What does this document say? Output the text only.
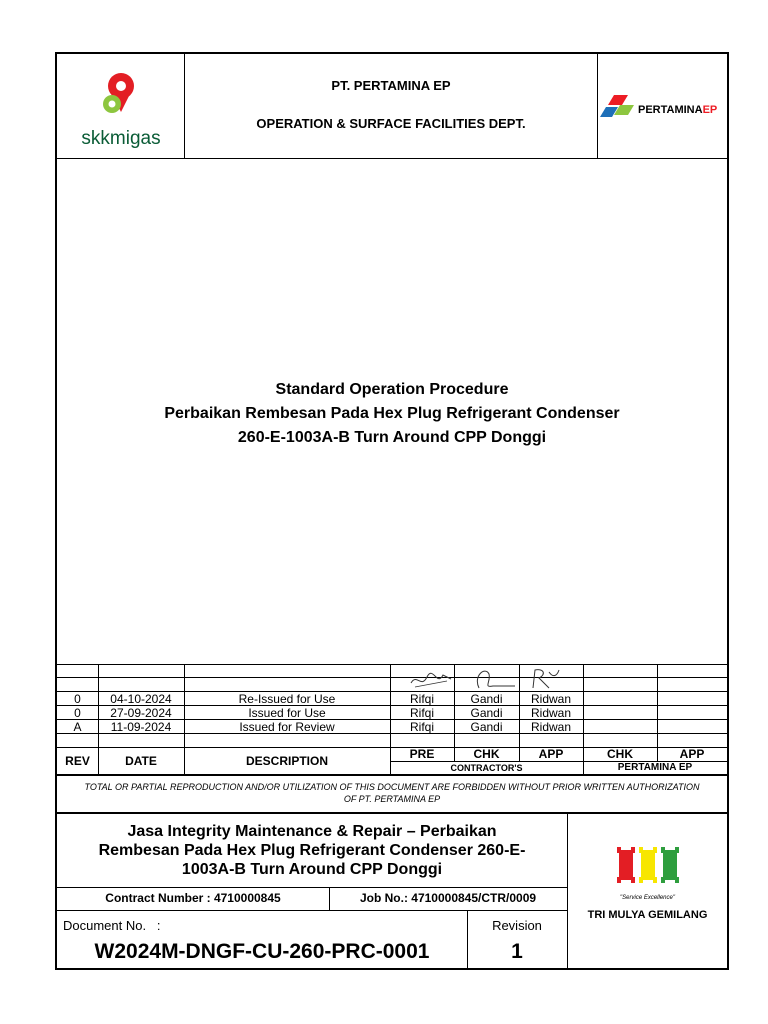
skkmigas
PT. PERTAMINA EP
OPERATION & SURFACE FACILITIES DEPT.
PERTAMINAEP
Standard Operation Procedure
Perbaikan Rembesan Pada Hex Plug Refrigerant Condenser
260-E-1003A-B Turn Around CPP Donggi
0	04-10-2024	Re-Issued for Use	Rifqi	Gandi	Ridwan
0	27-09-2024	Issued for Use	Rifqi	Gandi	Ridwan
A	11-09-2024	Issued for Review	Rifqi	Gandi	Ridwan
REV	DATE	DESCRIPTION	PRE	CHK	APP	CHK	APP
CONTRACTOR'S	PERTAMINA EP
TOTAL OR PARTIAL REPRODUCTION AND/OR UTILIZATION OF THIS DOCUMENT ARE FORBIDDEN WITHOUT PRIOR WRITTEN AUTHORIZATION OF PT. PERTAMINA EP
Jasa Integrity Maintenance & Repair – Perbaikan
Rembesan Pada Hex Plug Refrigerant Condenser 260-E-
1003A-B Turn Around CPP Donggi
Contract Number : 4710000845	Job No.: 4710000845/CTR/0009
Document No.   :	Revision
W2024M-DNGF-CU-260-PRC-0001	1
"Service Excellence"
TRI MULYA GEMILANG
